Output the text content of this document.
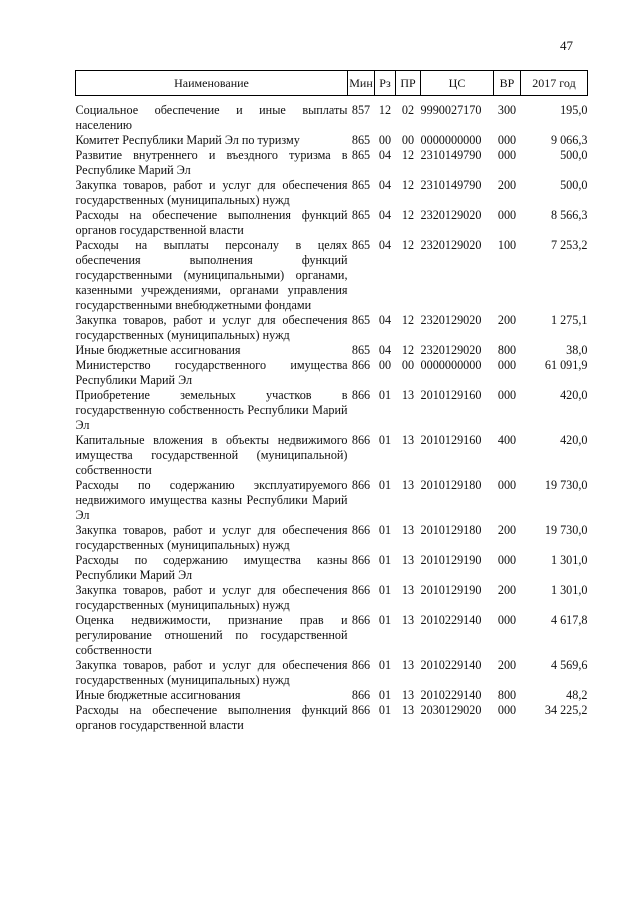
47
Наименование	Мин	Рз	ПР	ЦС	ВР	2017 год
Социальное обеспечение и иные выплаты населению	857	12	02	9990027170	300	195,0
Комитет Республики Марий Эл по туризму	865	00	00	0000000000	000	9 066,3
Развитие внутреннего и въездного туризма в Республике Марий Эл	865	04	12	2310149790	000	500,0
Закупка товаров, работ и услуг для обеспечения государственных (муниципальных) нужд	865	04	12	2310149790	200	500,0
Расходы на обеспечение выполнения функций органов государственной власти	865	04	12	2320129020	000	8 566,3
Расходы на выплаты персоналу в целях обеспечения выполнения функций государственными (муниципальными) органами, казенными учреждениями, органами управления государственными внебюджетными фондами	865	04	12	2320129020	100	7 253,2
Закупка товаров, работ и услуг для обеспечения государственных (муниципальных) нужд	865	04	12	2320129020	200	1 275,1
Иные бюджетные ассигнования	865	04	12	2320129020	800	38,0
Министерство государственного имущества Республики Марий Эл	866	00	00	0000000000	000	61 091,9
Приобретение земельных участков в государственную собственность Республики Марий Эл	866	01	13	2010129160	000	420,0
Капитальные вложения в объекты недвижимого имущества государственной (муниципальной) собственности	866	01	13	2010129160	400	420,0
Расходы по содержанию эксплуатируемого недвижимого имущества казны Республики Марий Эл	866	01	13	2010129180	000	19 730,0
Закупка товаров, работ и услуг для обеспечения государственных (муниципальных) нужд	866	01	13	2010129180	200	19 730,0
Расходы по содержанию имущества казны Республики Марий Эл	866	01	13	2010129190	000	1 301,0
Закупка товаров, работ и услуг для обеспечения государственных (муниципальных) нужд	866	01	13	2010129190	200	1 301,0
Оценка недвижимости, признание прав и регулирование отношений по государственной собственности	866	01	13	2010229140	000	4 617,8
Закупка товаров, работ и услуг для обеспечения государственных (муниципальных) нужд	866	01	13	2010229140	200	4 569,6
Иные бюджетные ассигнования	866	01	13	2010229140	800	48,2
Расходы на обеспечение выполнения функций органов государственной власти	866	01	13	2030129020	000	34 225,2
